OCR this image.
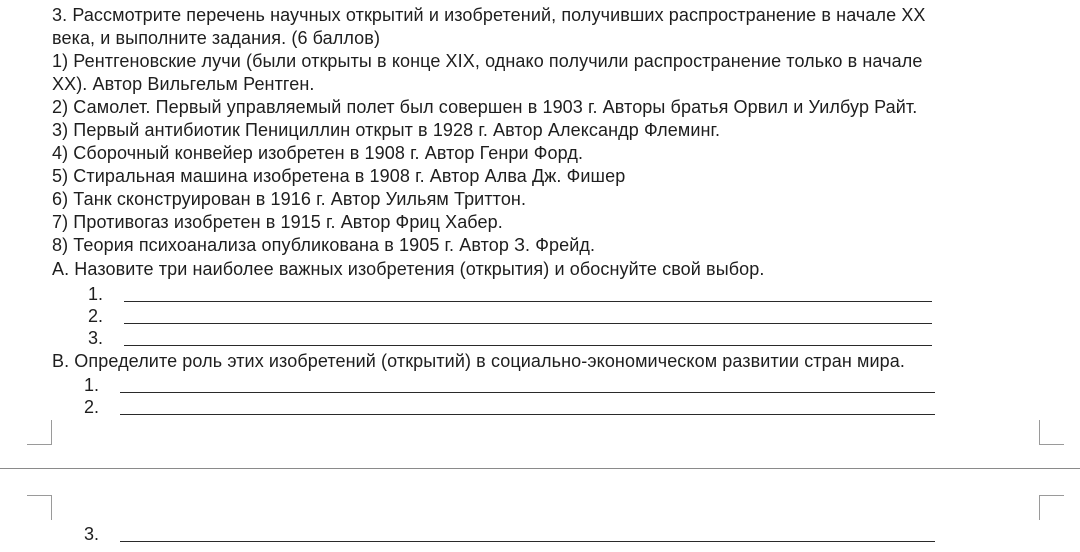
3. Рассмотрите перечень научных открытий и изобретений, получивших распространение в начале XX
века, и выполните задания. (6 баллов)
1) Рентгеновские лучи (были открыты в конце XIX, однако получили распространение только в начале
XX). Автор Вильгельм Рентген.
2) Самолет. Первый управляемый полет был совершен в 1903 г. Авторы братья Орвил и Уилбур Райт.
3) Первый антибиотик Пенициллин открыт в 1928 г. Автор Александр Флеминг.
4) Сборочный конвейер изобретен в 1908 г. Автор Генри Форд.
5) Стиральная машина изобретена в 1908 г. Автор Алва Дж. Фишер
6) Танк сконструирован в 1916 г. Автор Уильям Триттон.
7) Противогаз изобретен в 1915 г. Автор Фриц Хабер.
8) Теория психоанализа опубликована в 1905 г. Автор З. Фрейд.
A. Назовите три наиболее важных изобретения (открытия) и обоснуйте свой выбор.
1.
2.
3.
B. Определите роль этих изобретений (открытий) в социально-экономическом развитии стран мира.
1.
2.
3.
